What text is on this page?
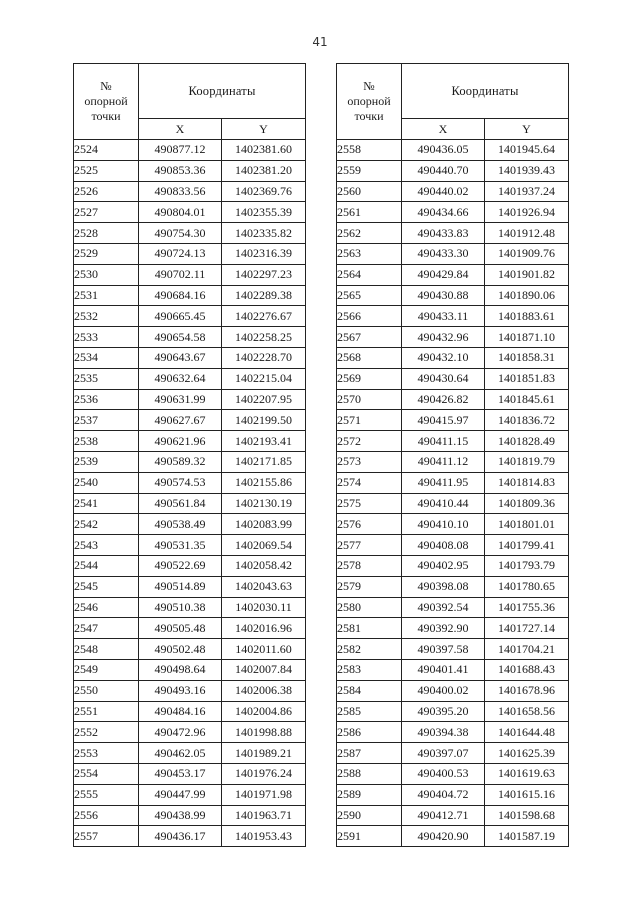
41
№
опорной
точки	Координаты	
	X	Y
2524	490877.12	1402381.60
2525	490853.36	1402381.20
2526	490833.56	1402369.76
2527	490804.01	1402355.39
2528	490754.30	1402335.82
2529	490724.13	1402316.39
2530	490702.11	1402297.23
2531	490684.16	1402289.38
2532	490665.45	1402276.67
2533	490654.58	1402258.25
2534	490643.67	1402228.70
2535	490632.64	1402215.04
2536	490631.99	1402207.95
2537	490627.67	1402199.50
2538	490621.96	1402193.41
2539	490589.32	1402171.85
2540	490574.53	1402155.86
2541	490561.84	1402130.19
2542	490538.49	1402083.99
2543	490531.35	1402069.54
2544	490522.69	1402058.42
2545	490514.89	1402043.63
2546	490510.38	1402030.11
2547	490505.48	1402016.96
2548	490502.48	1402011.60
2549	490498.64	1402007.84
2550	490493.16	1402006.38
2551	490484.16	1402004.86
2552	490472.96	1401998.88
2553	490462.05	1401989.21
2554	490453.17	1401976.24
2555	490447.99	1401971.98
2556	490438.99	1401963.71
2557	490436.17	1401953.43
№
опорной
точки	Координаты	
	X	Y
2558	490436.05	1401945.64
2559	490440.70	1401939.43
2560	490440.02	1401937.24
2561	490434.66	1401926.94
2562	490433.83	1401912.48
2563	490433.30	1401909.76
2564	490429.84	1401901.82
2565	490430.88	1401890.06
2566	490433.11	1401883.61
2567	490432.96	1401871.10
2568	490432.10	1401858.31
2569	490430.64	1401851.83
2570	490426.82	1401845.61
2571	490415.97	1401836.72
2572	490411.15	1401828.49
2573	490411.12	1401819.79
2574	490411.95	1401814.83
2575	490410.44	1401809.36
2576	490410.10	1401801.01
2577	490408.08	1401799.41
2578	490402.95	1401793.79
2579	490398.08	1401780.65
2580	490392.54	1401755.36
2581	490392.90	1401727.14
2582	490397.58	1401704.21
2583	490401.41	1401688.43
2584	490400.02	1401678.96
2585	490395.20	1401658.56
2586	490394.38	1401644.48
2587	490397.07	1401625.39
2588	490400.53	1401619.63
2589	490404.72	1401615.16
2590	490412.71	1401598.68
2591	490420.90	1401587.19
